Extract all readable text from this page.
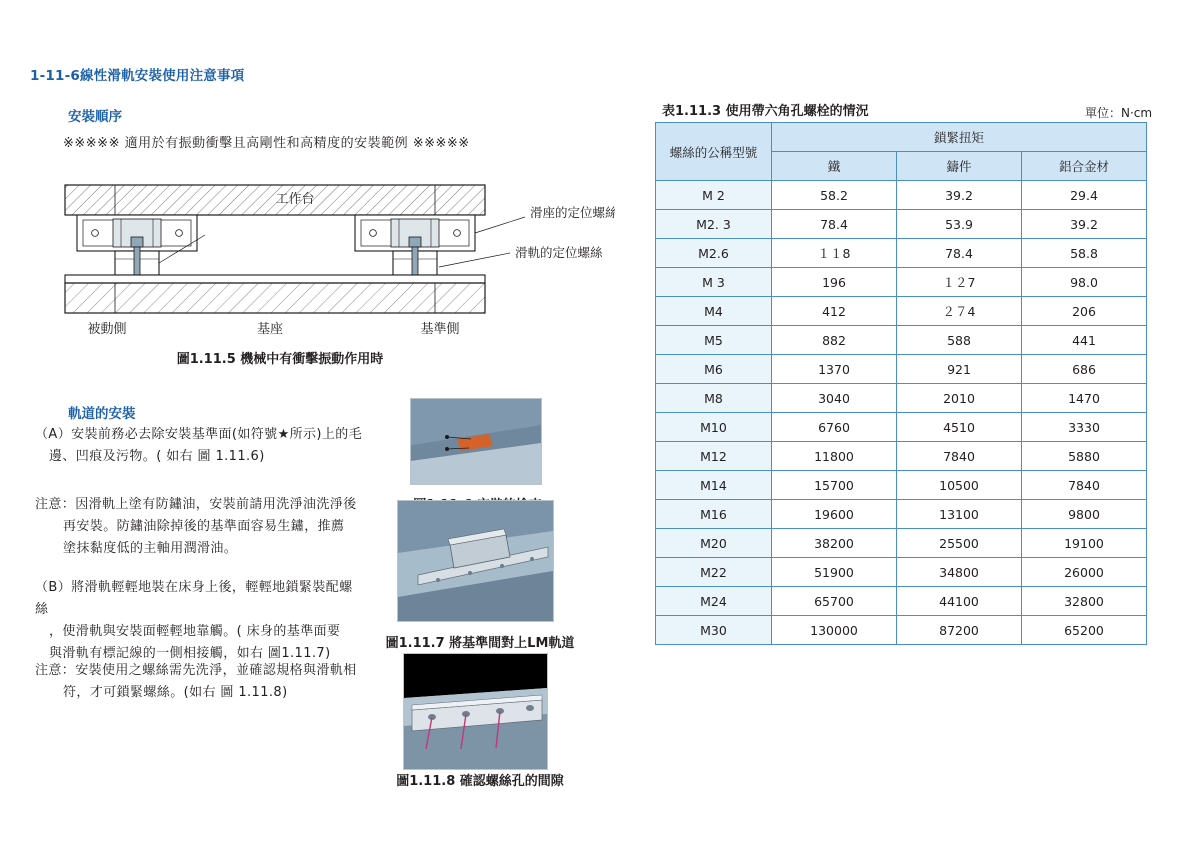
1-11-6線性滑軌安裝使用注意事項
安裝順序
※※※※※ 適用於有振動衝擊且高剛性和高精度的安裝範例 ※※※※※
工作台
滑座的定位螺絲
滑軌的定位螺絲
被動側	基座	基準側
圖1.11.5 機械中有衝擊振動作用時
軌道的安裝
（A）安裝前務必去除安裝基準面(如符號★所示)上的毛
邊、凹痕及污物。( 如右 圖 1.11.6)
注意：因滑軌上塗有防鏽油，安裝前請用洗淨油洗淨後
再安裝。防鏽油除掉後的基準面容易生鏽，推薦
塗抹黏度低的主軸用潤滑油。
（B）將滑軌輕輕地裝在床身上後，輕輕地鎖緊裝配螺絲
，使滑軌與安裝面輕輕地靠觸。( 床身的基準面要
與滑軌有標記線的一側相接觸，如右 圖1.11.7)
注意：安裝使用之螺絲需先洗淨，並確認規格與滑軌相
符，才可鎖緊螺絲。(如右 圖 1.11.8)
圖1.11.7 將基準間對上LM軌道
圖1.11.8 確認螺絲孔的間隙
表1.11.3 使用帶六角孔螺栓的情況	單位：N·cm
螺絲的公稱型號	鎖緊扭矩		
	鐵	鑄件	鋁合金材
M 2	58.2	39.2	29.4
M2. 3	78.4	53.9	39.2
M2.6	１１8	78.4	58.8
M 3	196	１２7	98.0
M4	412	２７4	206
M5	882	588	441
M6	1370	921	686
M8	3040	2010	1470
M10	6760	4510	3330
M12	11800	7840	5880
M14	15700	10500	7840
M16	19600	13100	9800
M20	38200	25500	19100
M22	51900	34800	26000
M24	65700	44100	32800
M30	130000	87200	65200
